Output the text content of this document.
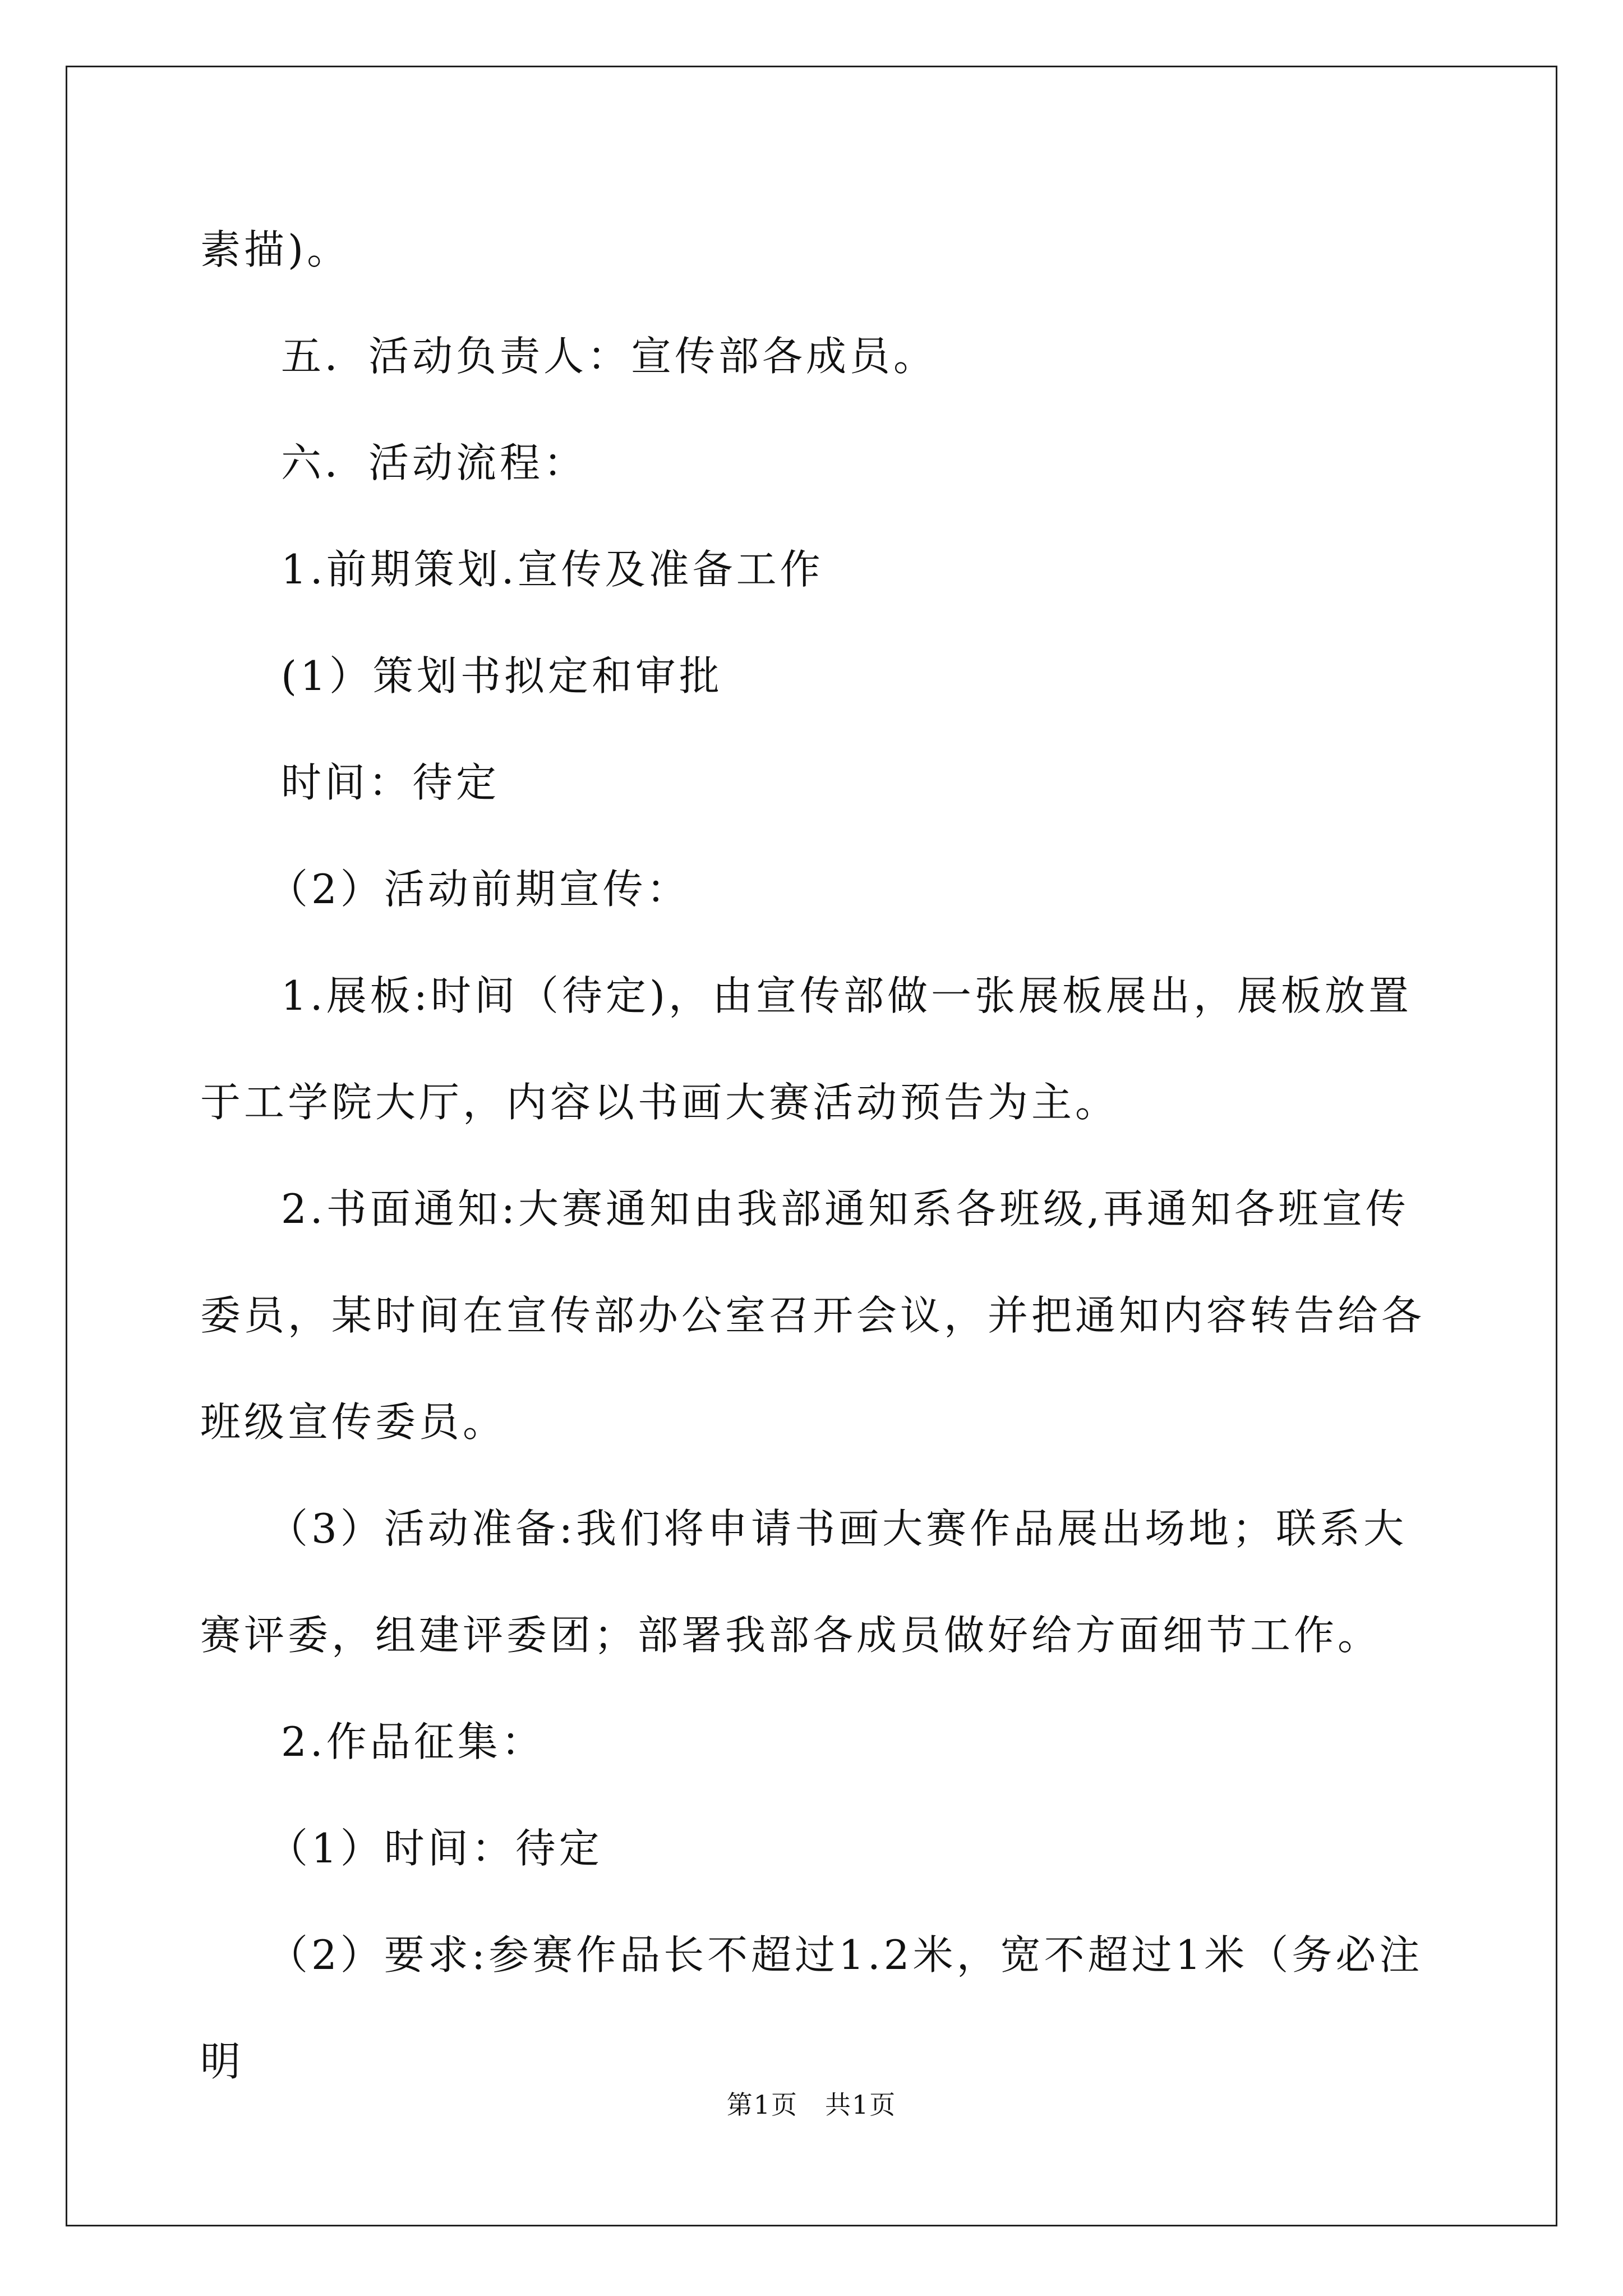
素描)。

五．活动负责人：宣传部各成员。

六．活动流程：

1.前期策划.宣传及准备工作

(1）策划书拟定和审批

时间：待定

（2）活动前期宣传：

1.展板:时间（待定)，由宣传部做一张展板展出，展板放置于工学院大厅，内容以书画大赛活动预告为主。

2.书面通知:大赛通知由我部通知系各班级,再通知各班宣传委员，某时间在宣传部办公室召开会议，并把通知内容转告给各班级宣传委员。

（3）活动准备:我们将申请书画大赛作品展出场地；联系大赛评委，组建评委团；部署我部各成员做好给方面细节工作。

2.作品征集：

（1）时间：待定

（2）要求:参赛作品长不超过1.2米，宽不超过1米（务必注明

第1页　共1页
